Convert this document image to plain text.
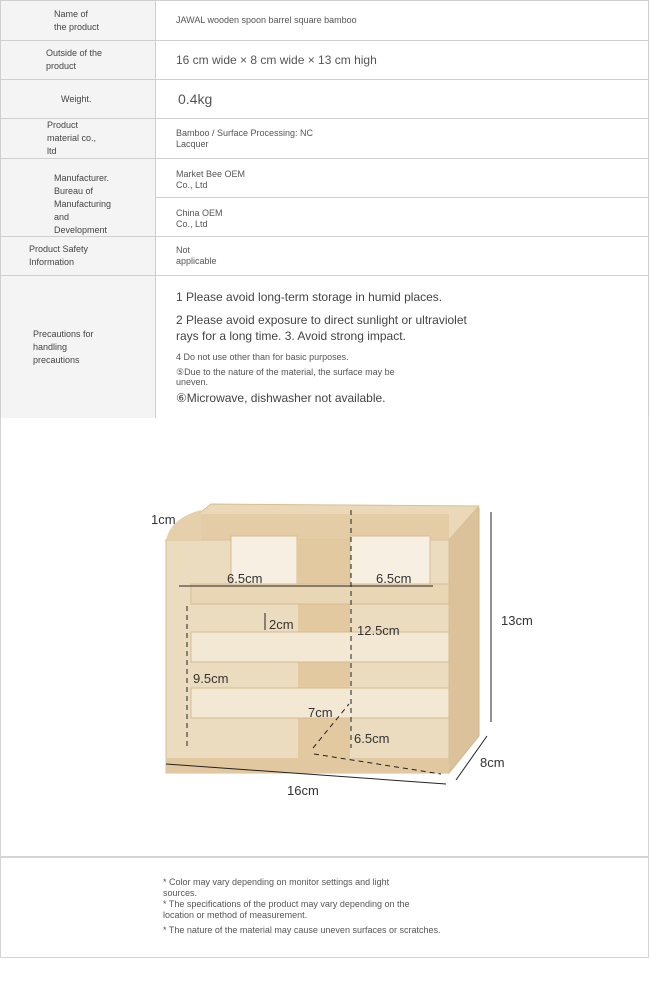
Name of the product	JAWAL wooden spoon barrel square bamboo

Outside of the product	16 cm wide × 8 cm wide × 13 cm high

Weight.	0.4kg

Product material co., ltd	Bamboo / Surface Processing: NC Lacquer

Manufacturer. Bureau of Manufacturing and Development	Market Bee OEM Co., Ltd
China OEM Co., Ltd

Product Safety Information	Not applicable

Precautions for handling precautions	1 Please avoid long-term storage in humid places.
2 Please avoid exposure to direct sunlight or ultraviolet rays for a long time. 3. Avoid strong impact.
4 Do not use other than for basic purposes.
⑤Due to the nature of the material, the surface may be uneven.
⑥Microwave, dishwasher not available.
1cm
6.5cm	6.5cm
2cm	12.5cm
9.5cm
7cm
6.5cm
13cm
8cm
16cm
* Color may vary depending on monitor settings and light sources.
* The specifications of the product may vary depending on the location or method of measurement.
* The nature of the material may cause uneven surfaces or scratches.
